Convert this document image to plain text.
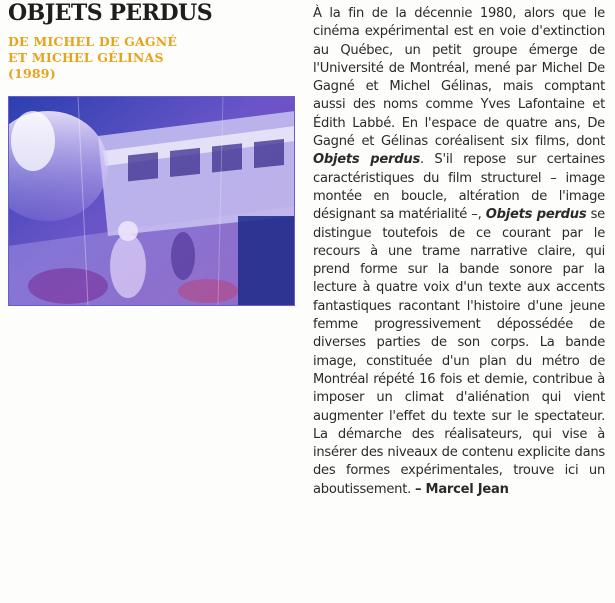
OBJETS PERDUS
DE MICHEL DE GAGNÉ
ET MICHEL GÉLINAS
(1989)
À la fin de la décennie 1980, alors que le cinéma expérimental est en voie d'extinction au Québec, un petit groupe émerge de l'Université de Montréal, mené par Michel De Gagné et Michel Gélinas, mais comptant aussi des noms comme Yves Lafontaine et Édith Labbé. En l'espace de quatre ans, De Gagné et Gélinas coréalisent six films, dont Objets perdus. S'il repose sur certaines caractéristiques du film structurel – image montée en boucle, altération de l'image désignant sa matérialité –, Objets perdus se distingue toutefois de ce courant par le recours à une trame narrative claire, qui prend forme sur la bande sonore par la lecture à quatre voix d'un texte aux accents fantastiques racontant l'histoire d'une jeune femme progressivement dépossédée de diverses parties de son corps. La bande image, constituée d'un plan du métro de Montréal répété 16 fois et demie, contribue à imposer un climat d'aliénation qui vient augmenter l'effet du texte sur le spectateur. La démarche des réalisateurs, qui vise à insérer des niveaux de contenu explicite dans des formes expérimentales, trouve ici un aboutissement. – Marcel Jean
